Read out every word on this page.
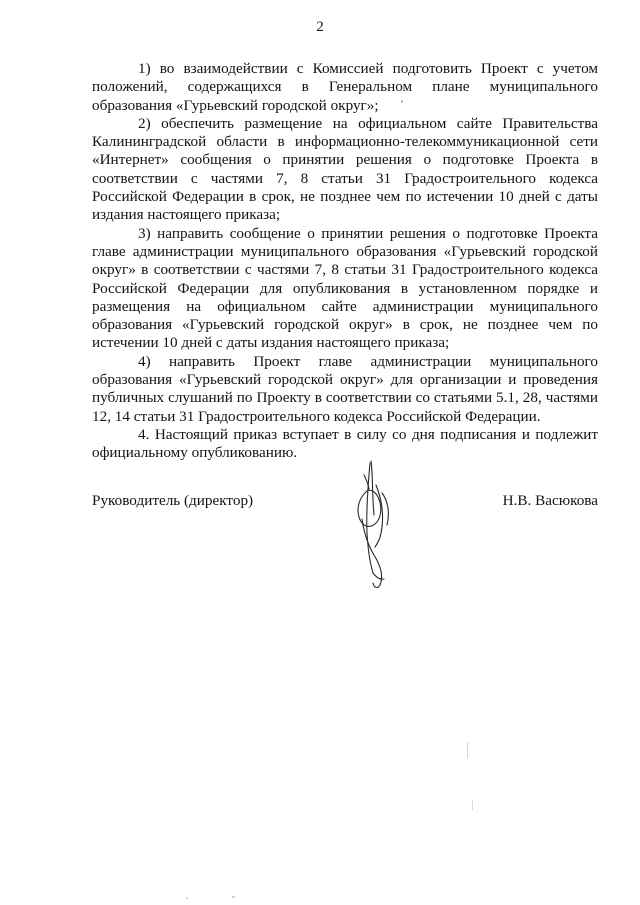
2

1) во взаимодействии с Комиссией подготовить Проект с учетом положений, содержащихся в Генеральном плане муниципального образования «Гурьевский городской округ»;

2) обеспечить размещение на официальном сайте Правительства Калининградской области в информационно-телекоммуникационной сети «Интернет» сообщения о принятии решения о подготовке Проекта в соответствии с частями 7, 8 статьи 31 Градостроительного кодекса Российской Федерации в срок, не позднее чем по истечении 10 дней с даты издания настоящего приказа;

3) направить сообщение о принятии решения о подготовке Проекта главе администрации муниципального образования «Гурьевский городской округ» в соответствии с частями 7, 8 статьи 31 Градостроительного кодекса Российской Федерации для опубликования в установленном порядке и размещения на официальном сайте администрации муниципального образования «Гурьевский городской округ» в срок, не позднее чем по истечении 10 дней с даты издания настоящего приказа;

4) направить Проект главе администрации муниципального образования «Гурьевский городской округ» для организации и проведения публичных слушаний по Проекту в соответствии со статьями 5.1, 28, частями 12, 14 статьи 31 Градостроительного кодекса Российской Федерации.

4. Настоящий приказ вступает в силу со дня подписания и подлежит официальному опубликованию.

Руководитель (директор)	Н.В. Васюкова
